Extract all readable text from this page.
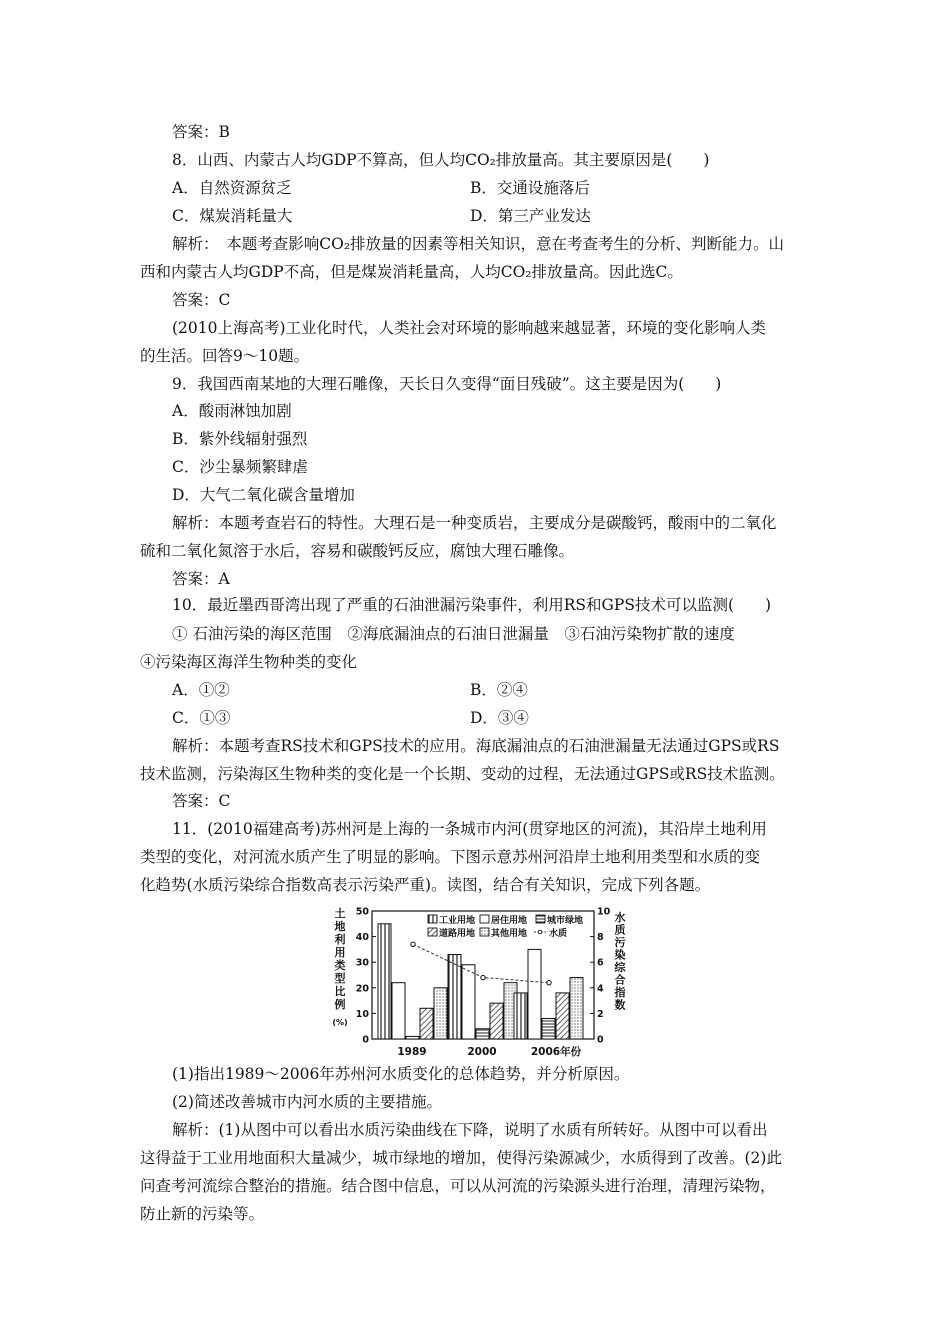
答案：B
8．山西、内蒙古人均GDP不算高，但人均CO₂排放量高。其主要原因是(　　)
A．自然资源贫乏	B．交通设施落后
C．煤炭消耗量大	D．第三产业发达
解析：　本题考查影响CO₂排放量的因素等相关知识，意在考查考生的分析、判断能力。山
西和内蒙古人均GDP不高，但是煤炭消耗量高，人均CO₂排放量高。因此选C。
答案：C
(2010上海高考)工业化时代，人类社会对环境的影响越来越显著，环境的变化影响人类
的生活。回答9～10题。
9．我国西南某地的大理石雕像，天长日久变得“面目残破”。这主要是因为(　　)
A．酸雨淋蚀加剧
B．紫外线辐射强烈
C．沙尘暴频繁肆虐
D．大气二氧化碳含量增加
解析：本题考查岩石的特性。大理石是一种变质岩，主要成分是碳酸钙，酸雨中的二氧化
硫和二氧化氮溶于水后，容易和碳酸钙反应，腐蚀大理石雕像。
答案：A
10．最近墨西哥湾出现了严重的石油泄漏污染事件，利用RS和GPS技术可以监测(　　)
① 石油污染的海区范围　②海底漏油点的石油日泄漏量　③石油污染物扩散的速度
④污染海区海洋生物种类的变化
A．①②	B．②④
C．①③	D．③④
解析：本题考查RS技术和GPS技术的应用。海底漏油点的石油泄漏量无法通过GPS或RS
技术监测，污染海区生物种类的变化是一个长期、变动的过程，无法通过GPS或RS技术监测。
答案：C
11．(2010福建高考)苏州河是上海的一条城市内河(贯穿地区的河流)，其沿岸土地利用
类型的变化，对河流水质产生了明显的影响。下图示意苏州河沿岸土地利用类型和水质的变
化趋势(水质污染综合指数高表示污染严重)。读图，结合有关知识，完成下列各题。
0
10
20
30
40
50
0
2
4
6
8
10
土
地
利
用
类
型
比
例
(%)
水
质
污
染
综
合
指
数
1989	2000	2006年份
工业用地 居住用地 城市绿地
道路用地 其他用地 水质
(1)指出1989～2006年苏州河水质变化的总体趋势，并分析原因。
(2)简述改善城市内河水质的主要措施。
解析：(1)从图中可以看出水质污染曲线在下降，说明了水质有所转好。从图中可以看出
这得益于工业用地面积大量减少，城市绿地的增加，使得污染源减少，水质得到了改善。(2)此
问查考河流综合整治的措施。结合图中信息，可以从河流的污染源头进行治理，清理污染物，
防止新的污染等。
